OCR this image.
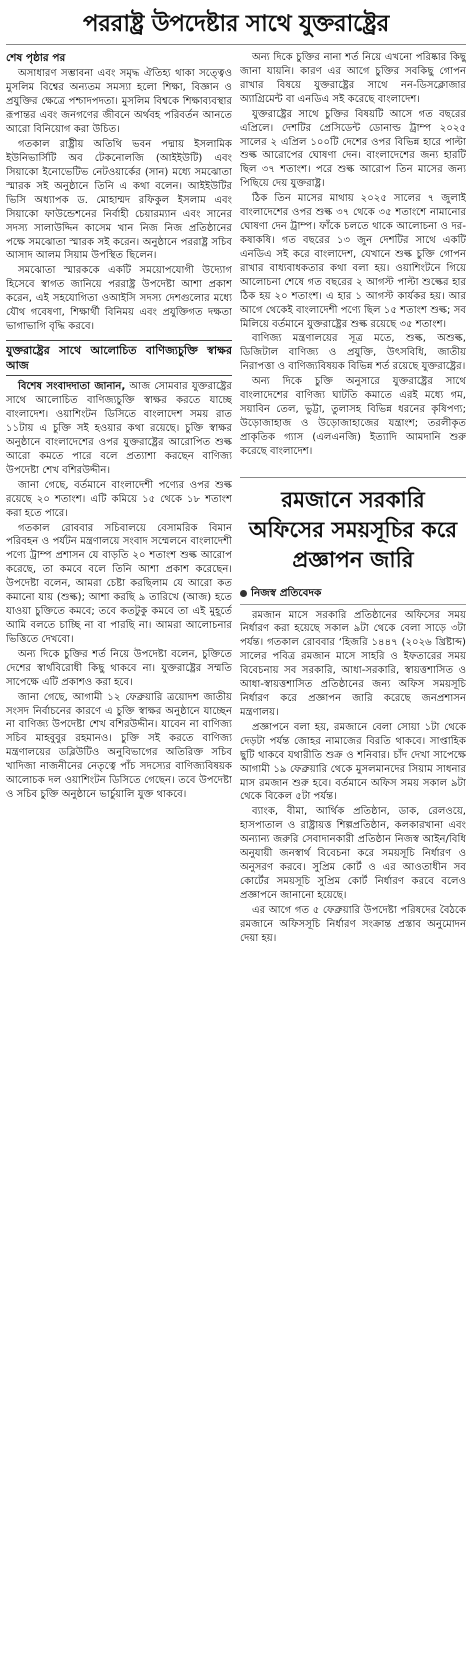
পররাষ্ট্র উপদেষ্টার সাথে যুক্তরাষ্ট্রের
শেষ পৃষ্ঠার পর

অসাধারণ সম্ভাবনা এবং সমৃদ্ধ ঐতিহ্য থাকা সত্ত্বেও মুসলিম বিশ্বের অন্যতম সমস্যা হলো শিক্ষা, বিজ্ঞান ও প্রযুক্তির ক্ষেত্রে পশ্চাদপদতা। মুসলিম বিশ্বকে শিক্ষাব্যবস্থার রূপান্তর এবং জনগণের জীবনে অর্থবহ পরিবর্তন আনতে আরো বিনিয়োগ করা উচিত।

গতকাল রাষ্ট্রীয় অতিথি ভবন পদ্মায় ইসলামিক ইউনিভার্সিটি অব টেকনোলজি (আইইউটি) এবং সিয়াকো ইনোভেটিভ নেটওয়ার্কের (সান) মধ্যে সমঝোতা স্মারক সই অনুষ্ঠানে তিনি এ কথা বলেন। আইইউটির ভিসি অধ্যাপক ড. মোহাম্মদ রফিকুল ইসলাম এবং সিয়াকো ফাউন্ডেশনের নির্বাহী চেয়ারম্যান এবং সানের সদস্য সালাউদ্দিন কাসেম খান নিজ নিজ প্রতিষ্ঠানের পক্ষে সমঝোতা স্মারক সই করেন। অনুষ্ঠানে পররাষ্ট্র সচিব আসাদ আলম সিয়াম উপস্থিত ছিলেন।

সমঝোতা স্মারককে একটি সময়োপযোগী উদ্যোগ হিসেবে স্বাগত জানিয়ে পররাষ্ট্র উপদেষ্টা আশা প্রকাশ করেন, এই সহযোগিতা ওআইসি সদস্য দেশগুলোর মধ্যে যৌথ গবেষণা, শিক্ষার্থী বিনিময় এবং প্রযুক্তিগত দক্ষতা ভাগাভাগি বৃদ্ধি করবে।

যুক্তরাষ্ট্রের সাথে আলোচিত বাণিজ্যচুক্তি স্বাক্ষর আজ

বিশেষ সংবাদদাতা জানান, আজ সোমবার যুক্তরাষ্ট্রের সাথে আলোচিত বাণিজ্যচুক্তি স্বাক্ষর করতে যাচ্ছে বাংলাদেশ। ওয়াশিংটন ডিসিতে বাংলাদেশ সময় রাত ১১টায় এ চুক্তি সই হওয়ার কথা রয়েছে। চুক্তি স্বাক্ষর অনুষ্ঠানে বাংলাদেশের ওপর যুক্তরাষ্ট্রের আরোপিত শুল্ক আরো কমতে পারে বলে প্রত্যাশা করছেন বাণিজ্য উপদেষ্টা শেখ বশিরউদ্দীন।

জানা গেছে, বর্তমানে বাংলাদেশী পণ্যের ওপর শুল্ক রয়েছে ২০ শতাংশ। এটি কমিয়ে ১৫ থেকে ১৮ শতাংশ করা হতে পারে।

গতকাল রোববার সচিবালয়ে বেসামরিক বিমান পরিবহন ও পর্যটন মন্ত্রণালয়ে সংবাদ সম্মেলনে বাংলাদেশী পণ্যে ট্রাম্প প্রশাসন যে বাড়তি ২০ শতাংশ শুল্ক আরোপ করেছে, তা কমবে বলে তিনি আশা প্রকাশ করেছেন। উপদেষ্টা বলেন, আমরা চেষ্টা করছিলাম যে আরো কত কমানো যায় (শুল্ক); আশা করছি ৯ তারিখে (আজ) হতে যাওয়া চুক্তিতে কমবে; তবে কতটুকু কমবে তা এই মুহূর্তে আমি বলতে চাচ্ছি না বা পারছি না। আমরা আলোচনার ভিত্তিতে দেখবো।

অন্য দিকে চুক্তির শর্ত নিয়ে উপদেষ্টা বলেন, চুক্তিতে দেশের স্বার্থবিরোধী কিছু থাকবে না। যুক্তরাষ্ট্রের সম্মতি সাপেক্ষে এটি প্রকাশও করা হবে।

জানা গেছে, আগামী ১২ ফেব্রুয়ারি ত্রয়োদশ জাতীয় সংসদ নির্বাচনের কারণে এ চুক্তি স্বাক্ষর অনুষ্ঠানে যাচ্ছেন না বাণিজ্য উপদেষ্টা শেখ বশিরউদ্দীন। যাবেন না বাণিজ্য সচিব মাহবুবুর রহমানও। চুক্তি সই করতে বাণিজ্য মন্ত্রণালয়ের ডব্লিউটিও অনুবিভাগের অতিরিক্ত সচিব খাদিজা নাজনীনের নেতৃত্বে পাঁচ সদস্যের বাণিজ্যবিষয়ক আলোচক দল ওয়াশিংটন ডিসিতে গেছেন। তবে উপদেষ্টা ও সচিব চুক্তি অনুষ্ঠানে ভার্চুয়ালি যুক্ত থাকবে।

অন্য দিকে চুক্তির নানা শর্ত নিয়ে এখনো পরিষ্কার কিছু জানা যায়নি। কারণ এর আগে চুক্তির সবকিছু গোপন রাখার বিষয়ে যুক্তরাষ্ট্রের সাথে নন-ডিসক্লোজার অ্যাগ্রিমেন্ট বা এনডিএ সই করেছে বাংলাদেশ।

যুক্তরাষ্ট্রের সাথে চুক্তির বিষয়টি আসে গত বছরের এপ্রিলে। দেশটির প্রেসিডেন্ট ডোনাল্ড ট্রাম্প ২০২৫ সালের ২ এপ্রিল ১০০টি দেশের ওপর বিভিন্ন হারে পাল্টা শুল্ক আরোপের ঘোষণা দেন। বাংলাদেশের জন্য হারটি ছিল ৩৭ শতাংশ। পরে শুল্ক আরোপ তিন মাসের জন্য পিছিয়ে দেয় যুক্তরাষ্ট্র।

ঠিক তিন মাসের মাথায় ২০২৫ সালের ৭ জুলাই বাংলাদেশের ওপর শুল্ক ৩৭ থেকে ৩৫ শতাংশে নামানোর ঘোষণা দেন ট্রাম্প। ফাঁকে চলতে থাকে আলোচনা ও দর-কষাকষি। গত বছরের ১৩ জুন দেশটির সাথে একটি এনডিএ সই করে বাংলাদেশ, যেখানে শুল্ক চুক্তি গোপন রাখার বাধ্যবাধকতার কথা বলা হয়। ওয়াশিংটনে গিয়ে আলোচনা শেষে গত বছরের ২ আগস্ট পাল্টা শুল্কের হার ঠিক হয় ২০ শতাংশ। এ হার ১ আগস্ট কার্যকর হয়। আর আগে থেকেই বাংলাদেশী পণ্যে ছিল ১৫ শতাংশ শুল্ক; সব মিলিয়ে বর্তমানে যুক্তরাষ্ট্রের শুল্ক রয়েছে ৩৫ শতাংশ।

বাণিজ্য মন্ত্রণালয়ের সূত্র মতে, শুল্ক, অশুল্ক, ডিজিটাল বাণিজ্য ও প্রযুক্তি, উৎসবিধি, জাতীয় নিরাপত্তা ও বাণিজ্যবিষয়ক বিভিন্ন শর্ত রয়েছে যুক্তরাষ্ট্রের।

অন্য দিকে চুক্তি অনুসারে যুক্তরাষ্ট্রের সাথে বাংলাদেশের বাণিজ্য ঘাটতি কমাতে এরই মধ্যে গম, সয়াবিন তেল, ভুট্টা, তুলাসহ বিভিন্ন ধরনের কৃষিপণ্য; উড়োজাহাজ ও উড়োজাহাজের যন্ত্রাংশ; তরলীকৃত প্রাকৃতিক গ্যাস (এলএনজি) ইত্যাদি আমদানি শুরু করেছে বাংলাদেশ।

রমজানে সরকারি অফিসের সময়সূচির করে প্রজ্ঞাপন জারি
নিজস্ব প্রতিবেদক

রমজান মাসে সরকারি প্রতিষ্ঠানের অফিসের সময় নির্ধারণ করা হয়েছে সকাল ৯টা থেকে বেলা সাড়ে ৩টা পর্যন্ত। গতকাল রোববার ‘হিজরি ১৪৪৭ (২০২৬ খ্রিষ্টাব্দ) সালের পবিত্র রমজান মাসে সাহরি ও ইফতারের সময় বিবেচনায় সব সরকারি, আধা-সরকারি, স্বায়ত্তশাসিত ও আধা-স্বায়ত্তশাসিত প্রতিষ্ঠানের জন্য অফিস সময়সূচি নির্ধারণ করে প্রজ্ঞাপন জারি করেছে জনপ্রশাসন মন্ত্রণালয়।

প্রজ্ঞাপনে বলা হয়, রমজানে বেলা সোয়া ১টা থেকে দেড়টা পর্যন্ত জোহর নামাজের বিরতি থাকবে। সাপ্তাহিক ছুটি থাকবে যথারীতি শুক্র ও শনিবার। চাঁদ দেখা সাপেক্ষে আগামী ১৯ ফেব্রুয়ারি থেকে মুসলমানদের সিয়াম সাধনার মাস রমজান শুরু হবে। বর্তমানে অফিস সময় সকাল ৯টা থেকে বিকেল ৫টা পর্যন্ত।

ব্যাংক, বীমা, আর্থিক প্রতিষ্ঠান, ডাক, রেলওয়ে, হাসপাতাল ও রাষ্ট্রায়ত্ত শিল্পপ্রতিষ্ঠান, কলকারখানা এবং অন্যান্য জরুরি সেবাদানকারী প্রতিষ্ঠান নিজস্ব আইন/বিধি অনুযায়ী জনস্বার্থ বিবেচনা করে সময়সূচি নির্ধারণ ও অনুসরণ করবে। সুপ্রিম কোর্ট ও এর আওতাধীন সব কোর্টের সময়সূচি সুপ্রিম কোর্ট নির্ধারণ করবে বলেও প্রজ্ঞাপনে জানানো হয়েছে।

এর আগে গত ৫ ফেব্রুয়ারি উপদেষ্টা পরিষদের বৈঠকে রমজানে অফিসসূচি নির্ধারণ সংক্রান্ত প্রস্তাব অনুমোদন দেয়া হয়।
